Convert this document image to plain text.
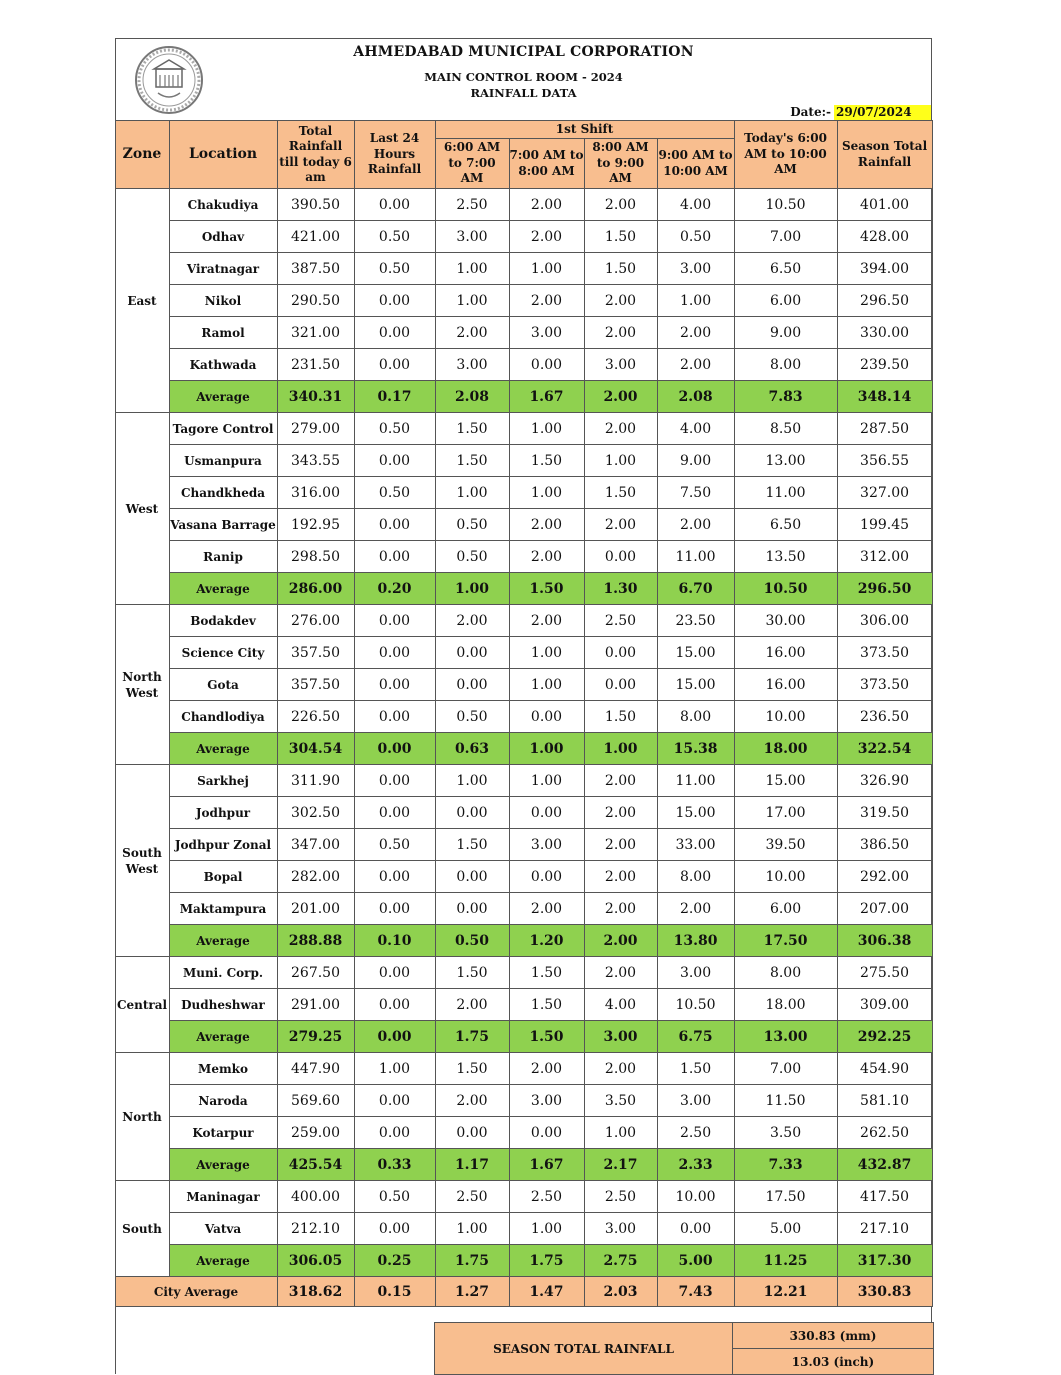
AHMEDABAD MUNICIPAL CORPORATION
MAIN CONTROL ROOM - 2024
RAINFALL DATA
Date:- 29/07/2024
Zone	Location	Total Rainfall till today 6 am	Last 24 Hours Rainfall	1st Shift				Today's 6:00 AM to 10:00 AM	Season Total Rainfall
				6:00 AM to 7:00 AM	7:00 AM to 8:00 AM	8:00 AM to 9:00 AM	9:00 AM to 10:00 AM		
East	Chakudiya	390.50	0.00	2.50	2.00	2.00	4.00	10.50	401.00
	Odhav	421.00	0.50	3.00	2.00	1.50	0.50	7.00	428.00
	Viratnagar	387.50	0.50	1.00	1.00	1.50	3.00	6.50	394.00
	Nikol	290.50	0.00	1.00	2.00	2.00	1.00	6.00	296.50
	Ramol	321.00	0.00	2.00	3.00	2.00	2.00	9.00	330.00
	Kathwada	231.50	0.00	3.00	0.00	3.00	2.00	8.00	239.50
	Average	340.31	0.17	2.08	1.67	2.00	2.08	7.83	348.14
West	Tagore Control	279.00	0.50	1.50	1.00	2.00	4.00	8.50	287.50
	Usmanpura	343.55	0.00	1.50	1.50	1.00	9.00	13.00	356.55
	Chandkheda	316.00	0.50	1.00	1.00	1.50	7.50	11.00	327.00
	Vasana Barrage	192.95	0.00	0.50	2.00	2.00	2.00	6.50	199.45
	Ranip	298.50	0.00	0.50	2.00	0.00	11.00	13.50	312.00
	Average	286.00	0.20	1.00	1.50	1.30	6.70	10.50	296.50
North West	Bodakdev	276.00	0.00	2.00	2.00	2.50	23.50	30.00	306.00
	Science City	357.50	0.00	0.00	1.00	0.00	15.00	16.00	373.50
	Gota	357.50	0.00	0.00	1.00	0.00	15.00	16.00	373.50
	Chandlodiya	226.50	0.00	0.50	0.00	1.50	8.00	10.00	236.50
	Average	304.54	0.00	0.63	1.00	1.00	15.38	18.00	322.54
South West	Sarkhej	311.90	0.00	1.00	1.00	2.00	11.00	15.00	326.90
	Jodhpur	302.50	0.00	0.00	0.00	2.00	15.00	17.00	319.50
	Jodhpur Zonal	347.00	0.50	1.50	3.00	2.00	33.00	39.50	386.50
	Bopal	282.00	0.00	0.00	0.00	2.00	8.00	10.00	292.00
	Maktampura	201.00	0.00	0.00	2.00	2.00	2.00	6.00	207.00
	Average	288.88	0.10	0.50	1.20	2.00	13.80	17.50	306.38
Central	Muni. Corp.	267.50	0.00	1.50	1.50	2.00	3.00	8.00	275.50
	Dudheshwar	291.00	0.00	2.00	1.50	4.00	10.50	18.00	309.00
	Average	279.25	0.00	1.75	1.50	3.00	6.75	13.00	292.25
North	Memko	447.90	1.00	1.50	2.00	2.00	1.50	7.00	454.90
	Naroda	569.60	0.00	2.00	3.00	3.50	3.00	11.50	581.10
	Kotarpur	259.00	0.00	0.00	0.00	1.00	2.50	3.50	262.50
	Average	425.54	0.33	1.17	1.67	2.17	2.33	7.33	432.87
South	Maninagar	400.00	0.50	2.50	2.50	2.50	10.00	17.50	417.50
	Vatva	212.10	0.00	1.00	1.00	3.00	0.00	5.00	217.10
	Average	306.05	0.25	1.75	1.75	2.75	5.00	11.25	317.30
City Average		318.62	0.15	1.27	1.47	2.03	7.43	12.21	330.83
SEASON TOTAL RAINFALL	330.83 (mm)
13.03 (inch)
